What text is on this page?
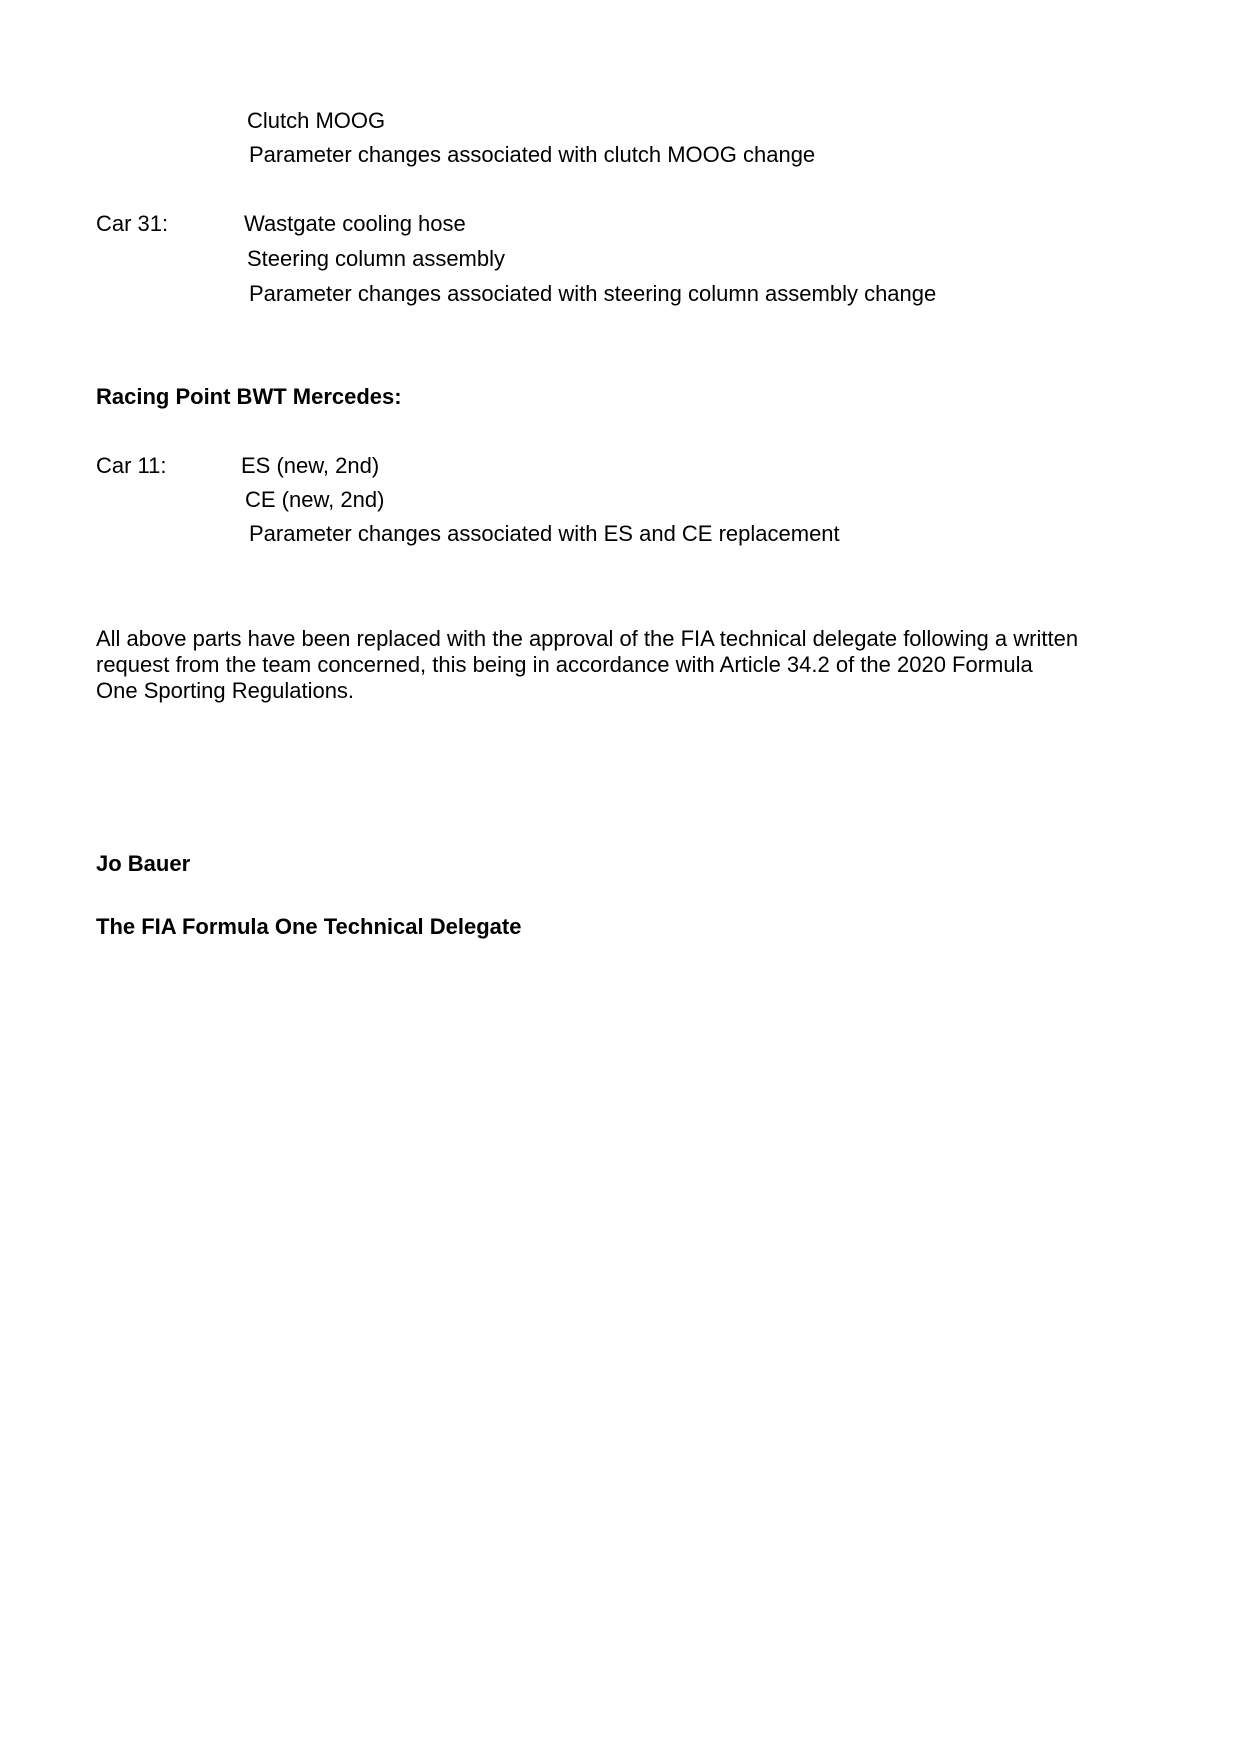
Clutch MOOG
Parameter changes associated with clutch MOOG change
Car 31:	Wastgate cooling hose
Steering column assembly
Parameter changes associated with steering column assembly change
Racing Point BWT Mercedes:
Car 11:	ES (new, 2nd)
CE (new, 2nd)
Parameter changes associated with ES and CE replacement

All above parts have been replaced with the approval of the FIA technical delegate following a written

request from the team concerned, this being in accordance with Article 34.2 of the 2020 Formula

One Sporting Regulations.

Jo Bauer
The FIA Formula One Technical Delegate
